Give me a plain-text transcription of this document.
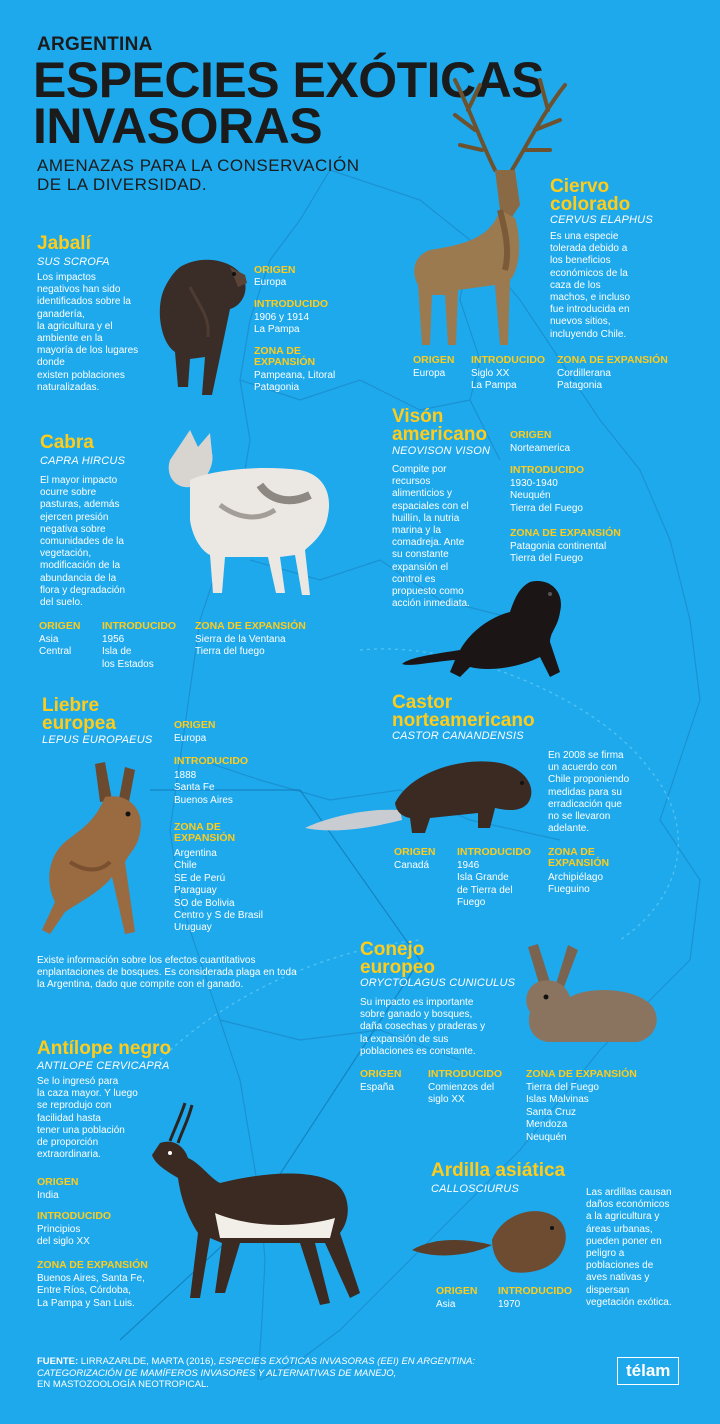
ARGENTINA
ESPECIES EXÓTICAS
INVASORAS
AMENAZAS PARA LA CONSERVACIÓN
DE LA DIVERSIDAD.
Jabalí
SUS SCROFA
Los impactos
negativos han sido
identificados sobre la
ganadería,
la agricultura y el
ambiente en la
mayoría de los lugares
donde
existen poblaciones
naturalizadas.
ORIGEN
Europa
INTRODUCIDO
1906 y 1914
La Pampa
ZONA DE
EXPANSIÓN
Pampeana, Litoral
Patagonia
Ciervo
colorado
CERVUS ELAPHUS
Es una especie
tolerada debido a
los beneficios
económicos de la
caza de los
machos, e incluso
fue introducida en
nuevos sitios,
incluyendo Chile.
ORIGEN
Europa
INTRODUCIDO
Siglo XX
La Pampa
ZONA DE EXPANSIÓN
Cordillerana
Patagonia
Cabra
CAPRA HIRCUS
El mayor impacto
ocurre sobre
pasturas, además
ejercen presión
negativa sobre
comunidades de la
vegetación,
modificación de la
abundancia de la
flora y degradación
del suelo.
ORIGEN
Asia
Central
INTRODUCIDO
1956
Isla de
los Estados
ZONA DE EXPANSIÓN
Sierra de la Ventana
Tierra del fuego
Visón
americano
NEOVISON VISON
Compite por
recursos
alimenticios y
espaciales con el
huillín, la nutria
marina y la
comadreja. Ante
su constante
expansión el
control es
propuesto como
acción inmediata.
ORIGEN
Norteamerica
INTRODUCIDO
1930-1940
Neuquén
Tierra del Fuego
ZONA DE EXPANSIÓN
Patagonia continental
Tierra del Fuego
Liebre
europea
LEPUS EUROPAEUS
ORIGEN
Europa
INTRODUCIDO
1888
Santa Fe
Buenos Aires
ZONA DE
EXPANSIÓN
Argentina
Chile
SE de Perú
Paraguay
SO de Bolivia
Centro y S de Brasil
Uruguay
Existe información sobre los efectos cuantitativos
enplantaciones de bosques. Es considerada plaga en toda
la Argentina, dado que compite con el ganado.
Castor
norteamericano
CASTOR CANANDENSIS
En 2008 se firma
un acuerdo con
Chile proponiendo
medidas para su
erradicación que
no se llevaron
adelante.
ORIGEN
Canadá
INTRODUCIDO
1946
Isla Grande
de Tierra del
Fuego
ZONA DE
EXPANSIÓN
Archipiélago
Fueguino
Conejo
europeo
ORYCTOLAGUS CUNICULUS
Su impacto es importante
sobre ganado y bosques,
daña cosechas y praderas y
la expansión de sus
poblaciones es constante.
ORIGEN
España
INTRODUCIDO
Comienzos del
siglo XX
ZONA DE EXPANSIÓN
Tierra del Fuego
Islas Malvinas
Santa Cruz
Mendoza
Neuquén
Antílope negro
ANTILOPE CERVICAPRA
Se lo ingresó para
la caza mayor. Y luego
se reprodujo con
facilidad hasta
tener una población
de proporción
extraordinaria.
ORIGEN
India
INTRODUCIDO
Principios
del siglo XX
ZONA DE EXPANSIÓN
Buenos Aires, Santa Fe,
Entre Ríos, Córdoba,
La Pampa y San Luis.
Ardilla asiática
CALLOSCIURUS	Las ardillas causan
daños económicos
a la agricultura y
áreas urbanas,
pueden poner en
peligro a
poblaciones de
aves nativas y
dispersan
vegetación exótica.
ORIGEN
Asia
INTRODUCIDO
1970
FUENTE: LIRRAZARLDE, MARTA (2016), ESPECIES EXÓTICAS INVASORAS (EEI) EN ARGENTINA:
CATEGORIZACIÓN DE MAMÍFEROS INVASORES Y ALTERNATIVAS DE MANEJO,
EN MASTOZOOLOGÍA NEOTROPICAL.
télam
